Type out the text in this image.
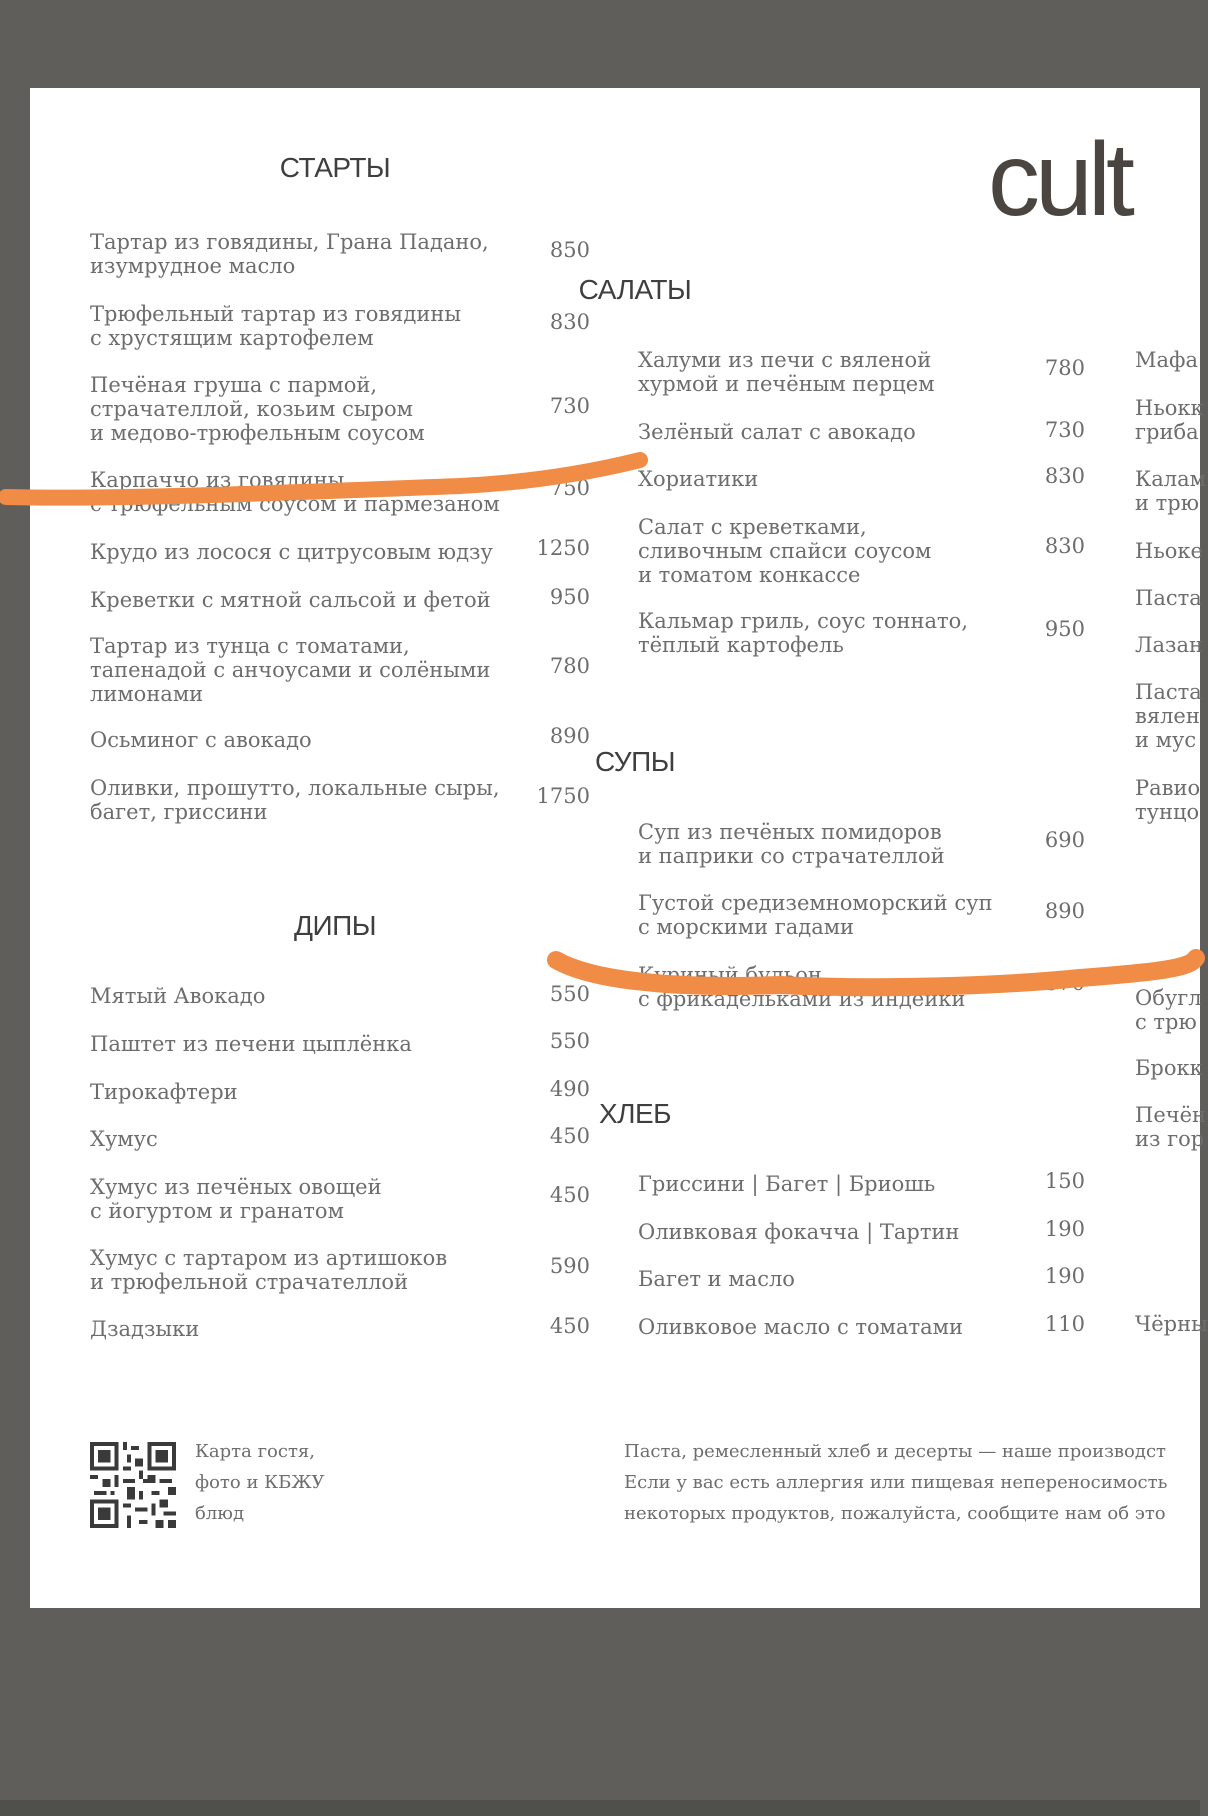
cult
СТАРТЫ
Тартар из говядины, Грана Падано,
изумрудное масло
850
Трюфельный тартар из говядины
с хрустящим картофелем
830
Печёная груша с пармой,
страчателлой, козьим сыром
и медово-трюфельным соусом
730
Карпаччо из говядины
с трюфельным соусом и пармезаном
750
Крудо из лосося с цитрусовым юдзу	1250
Креветки с мятной сальсой и фетой	950
Тартар из тунца с томатами,
тапенадой с анчоусами и солёными
лимонами
780
Осьминог с авокадо	890
Оливки, прошутто, локальные сыры,
багет, гриссини
1750
ДИПЫ
Мятый Авокадо	550
Паштет из печени цыплёнка	550
Тирокафтери	490
Хумус	450
Хумус из печёных овощей
с йогуртом и гранатом
450
Хумус с тартаром из артишоков
и трюфельной страчателлой
590
Дзадзыки	450
САЛАТЫ
Халуми из печи с вяленой
хурмой и печёным перцем
780
Зелёный салат с авокадо	730
Хориатики	830
Салат с креветками,
сливочным спайси соусом
и томатом конкассе
830
Кальмар гриль, соус тоннато,
тёплый картофель
950
СУПЫ
Суп из печёных помидоров
и паприки со страчателлой
690
Густой средиземноморский суп
с морскими гадами
890
Куриный бульон
с фрикадельками из индейки
570
ХЛЕБ
Гриссини | Багет | Бриошь	150
Оливковая фокачча | Тартин	190
Багет и масло	190
Оливковое масло с томатами	110
Мафа
Ньокк
гриба
Калам
и трю
Ньоке
Паста
Лазан
Паста
вялен
и мус
Равио
тунцо
Обугл
с трю
Брокк
Печён
из гор
Чёрны
Карта гостя,
фото и КБЖУ
блюд
Паста, ремесленный хлеб и десерты — наше производст
Если у вас есть аллергия или пищевая непереносимость
некоторых продуктов, пожалуйста, сообщите нам об это
